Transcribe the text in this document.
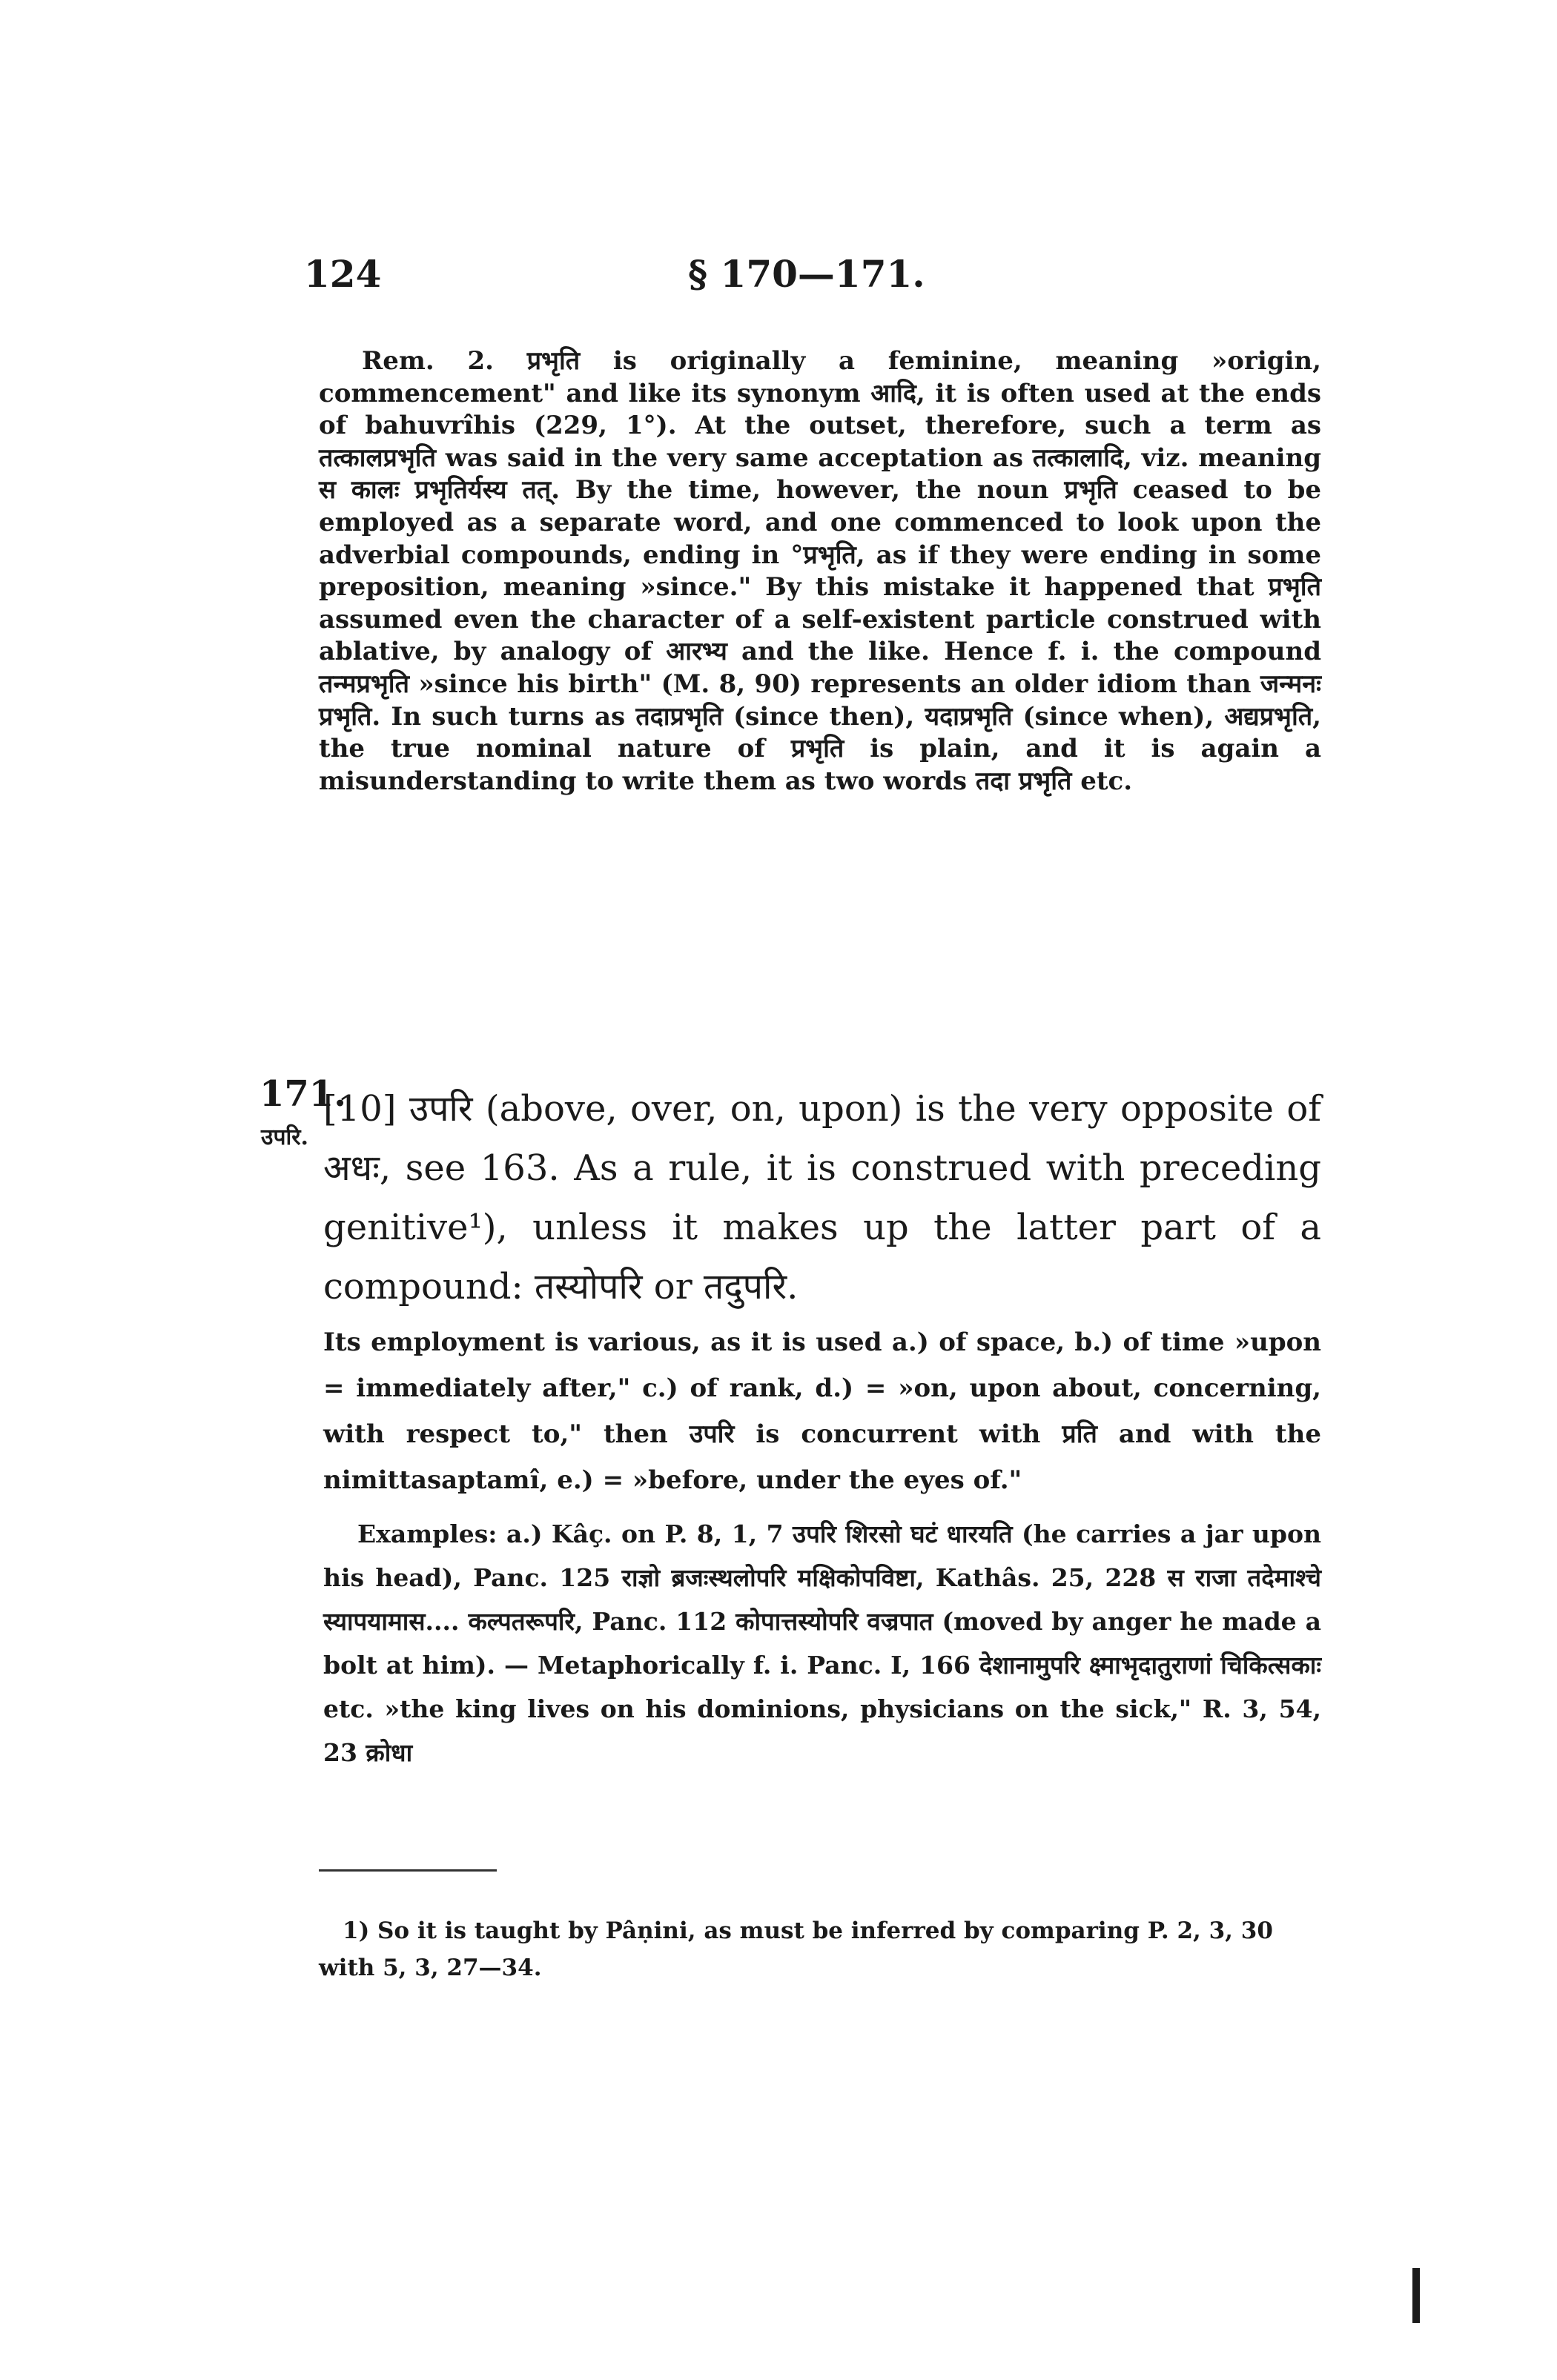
124	§ 170—171.
Rem. 2. प्रभृति is originally a feminine, meaning »origin, commencement" and like its synonym आदि, it is often used at the ends of bahuvrîhis (229, 1°). At the outset, therefore, such a term as तत्कालप्रभृति was said in the very same acceptation as तत्कालादि, viz. meaning स कालः प्रभृतिर्यस्य तत्. By the time, however, the noun प्रभृति ceased to be employed as a separate word, and one commenced to look upon the adverbial compounds, ending in °प्रभृति, as if they were ending in some preposition, meaning »since." By this mistake it happened that प्रभृति assumed even the character of a self-existent particle construed with ablative, by analogy of आरभ्य and the like. Hence f. i. the compound तन्मप्रभृति »since his birth" (M. 8, 90) represents an older idiom than जन्मनः प्रभृति. In such turns as तदाप्रभृति (since then), यदाप्रभृति (since when), अद्यप्रभृति, the true nominal nature of प्रभृति is plain, and it is again a misunderstanding to write them as two words तदा प्रभृति etc.
171.
उपरि.
[10] उपरि (above, over, on, upon) is the very opposite of अधः, see 163. As a rule, it is construed with preceding genitive¹), unless it makes up the latter part of a compound: तस्योपरि or तदुपरि.
Its employment is various, as it is used a.) of space, b.) of time »upon = immediately after," c.) of rank, d.) = »on, upon about, concerning, with respect to," then उपरि is concurrent with प्रति and with the nimittasaptamî, e.) = »before, under the eyes of."
Examples: a.) Kâç. on P. 8, 1, 7 उपरि शिरसो घटं धारयति (he carries a jar upon his head), Panc. 125 राज्ञो ब्रजःस्थलोपरि मक्षिकोपविष्टा, Kathâs. 25, 228 स राजा तदेमाश्चे स्यापयामास.... कल्पतरूपरि, Panc. 112 कोपात्तस्योपरि वज्रपात (moved by anger he made a bolt at him). — Metaphorically f. i. Panc. I, 166 देशानामुपरि क्ष्माभृदातुराणां चिकित्सकाः etc. »the king lives on his dominions, physicians on the sick," R. 3, 54, 23 क्रोधा
1) So it is taught by Pâṇini, as must be inferred by comparing P. 2, 3, 30 with 5, 3, 27—34.
